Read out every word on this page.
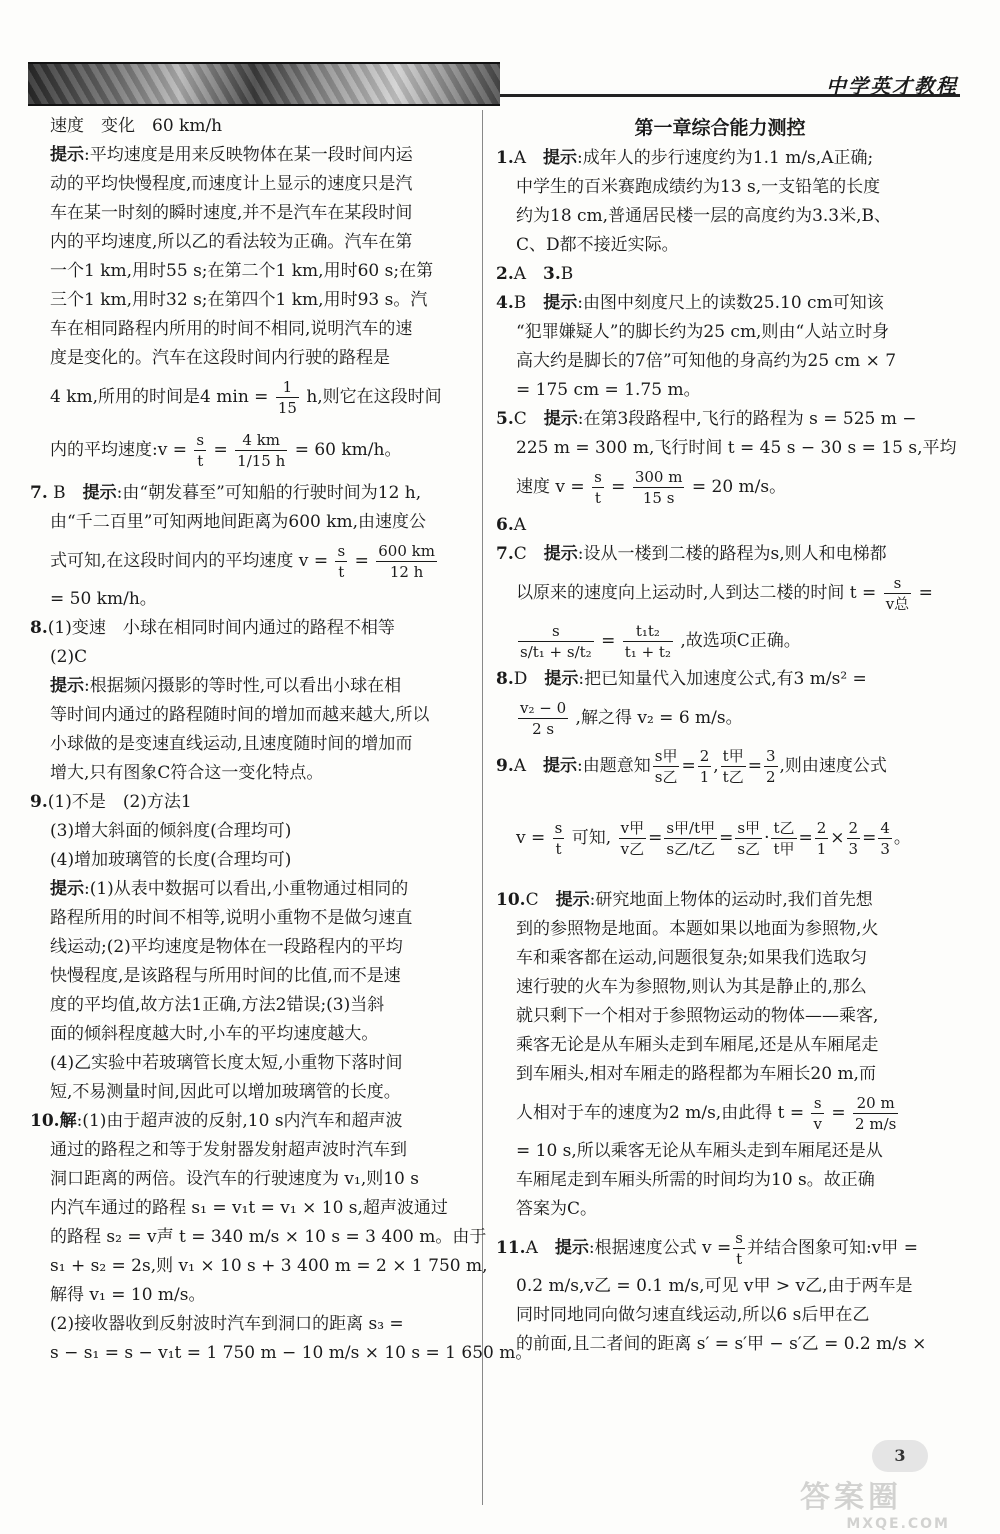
中学英才教程
速度　变化　60 km/h
提示:平均速度是用来反映物体在某一段时间内运
动的平均快慢程度,而速度计上显示的速度只是汽
车在某一时刻的瞬时速度,并不是汽车在某段时间
内的平均速度,所以乙的看法较为正确。汽车在第
一个1 km,用时55 s;在第二个1 km,用时60 s;在第
三个1 km,用时32 s;在第四个1 km,用时93 s。汽
车在相同路程内所用的时间不相同,说明汽车的速
度是变化的。汽车在这段时间内行驶的路程是
4 km,所用的时间是4 $\min = \frac{1}{15} h$,则它在这段时间
内的平均速度:v = $\frac{s}{t} = \frac{4 km}{1/15 h} = 60$ km/h。
7. B　 提示:由“朝发暮至”可知船的行驶时间为12 h,
由“千二百里”可知两地间距离为600 km,由速度公
式可知,在这段时间内的平均速度 $v = \frac{s}{t} = \frac{600 km}{12 h}$
= 50 km/h。
8.(1)变速　小球在相同时间内通过的路程不相等
(2)C
提示:根据频闪摄影的等时性,可以看出小球在相
等时间内通过的路程随时间的增加而越来越大,所以
小球做的是变速直线运动,且速度随时间的增加而
增大,只有图象C符合这一变化特点。
9.(1)不是　(2)方法1
(3)增大斜面的倾斜度(合理均可)
(4)增加玻璃管的长度(合理均可)
提示:(1)从表中数据可以看出,小重物通过相同的
路程所用的时间不相等,说明小重物不是做匀速直
线运动;(2)平均速度是物体在一段路程内的平均
快慢程度,是该路程与所用时间的比值,而不是速
度的平均值,故方法1正确,方法2错误;(3)当斜
面的倾斜程度越大时,小车的平均速度越大。
(4)乙实验中若玻璃管长度太短,小重物下落时间
短,不易测量时间,因此可以增加玻璃管的长度。
10.解:(1)由于超声波的反射,10 s内汽车和超声波
通过的路程之和等于发射器发射超声波时汽车到
洞口距离的两倍。设汽车的行驶速度为 v₁,则10 s
内汽车通过的路程 s₁ = v₁t = v₁ × 10 s,超声波通过
的路程 s₂ = v声 t = 340 m/s × 10 s = 3 400 m。由于
s₁ + s₂ = 2s,则 v₁ × 10 s + 3 400 m = 2 × 1 750 m,
解得 v₁ = 10 m/s。
(2)接收器收到反射波时汽车到洞口的距离 s₃ =
s − s₁ = s − v₁t = 1 750 m − 10 m/s × 10 s = 1 650 m。
第一章综合能力测控
1.A　 提示:成年人的步行速度约为1.1 m/s,A正确;
中学生的百米赛跑成绩约为13 s,一支铅笔的长度
约为18 cm,普通居民楼一层的高度约为3.3米,B、
C、D都不接近实际。
2.A　3.B
4.B　 提示:由图中刻度尺上的读数25.10 cm可知该
“犯罪嫌疑人”的脚长约为25 cm,则由“人站立时身
高大约是脚长的7倍”可知他的身高约为25 cm × 7
= 175 cm = 1.75 m。
5.C　 提示:在第3段路程中,飞行的路程为 s = 525 m −
225 m = 300 m,飞行时间 t = 45 s − 30 s = 15 s,平均
速度 $v = \frac{s}{t} = \frac{300 m}{15 s} = 20$ m/s。
6.A
7.C　 提示:设从一楼到二楼的路程为s,则人和电梯都
以原来的速度向上运动时,人到达二楼的时间 $t = \frac{s}{\text{v总}}$ =
$\frac{s}{\text{s/t₁ + s/t₂}} = \frac{\text{t₁t₂}}{\text{t₁ + t₂}}$ ,故选项C正确。
8.D　 提示:把已知量代入加速度公式,有3 m/s² =
$\frac{\text{v₂ − 0}}{2 s}$ ,解之得 v₂ = 6 m/s。
9.A　 提示:由题意知 $\frac{\text{s甲}}{\text{s乙}} = \frac{2}{1}$ , $\frac{\text{t甲}}{\text{t乙}} = \frac{3}{2}$ ,则由速度公式
$v = \frac{s}{t}$ 可知, $\frac{\text{v甲}}{\text{v乙}} = \frac{\text{s甲/t甲}}{\text{s乙/t乙}} = \frac{\text{s甲}}{\text{s乙}} \cdot \frac{\text{t乙}}{\text{t甲}} = \frac{2}{1} \times \frac{2}{3} = \frac{4}{3}$ 。
10.C　 提示:研究地面上物体的运动时,我们首先想
到的参照物是地面。本题如果以地面为参照物,火
车和乘客都在运动,问题很复杂;如果我们选取匀
速行驶的火车为参照物,则认为其是静止的,那么
就只剩下一个相对于参照物运动的物体——乘客,
乘客无论是从车厢头走到车厢尾,还是从车厢尾走
到车厢头,相对车厢走的路程都为车厢长20 m,而
人相对于车的速度为2 m/s,由此得 $t = \frac{s}{v} = \frac{20 m}{2 m/s}$
= 10 s,所以乘客无论从车厢头走到车厢尾还是从
车厢尾走到车厢头所需的时间均为10 s。故正确
答案为C。
11.A　 提示:根据速度公式 $v = \frac{s}{t}$ 并结合图象可知:v甲 =
0.2 m/s,v乙 = 0.1 m/s,可见 v甲 > v乙,由于两车是
同时同地同向做匀速直线运动,所以6 s后甲在乙
的前面,且二者间的距离 s′ = s′甲 − s′乙 = 0.2 m/s ×
3
答案圈
MXQE.COM
